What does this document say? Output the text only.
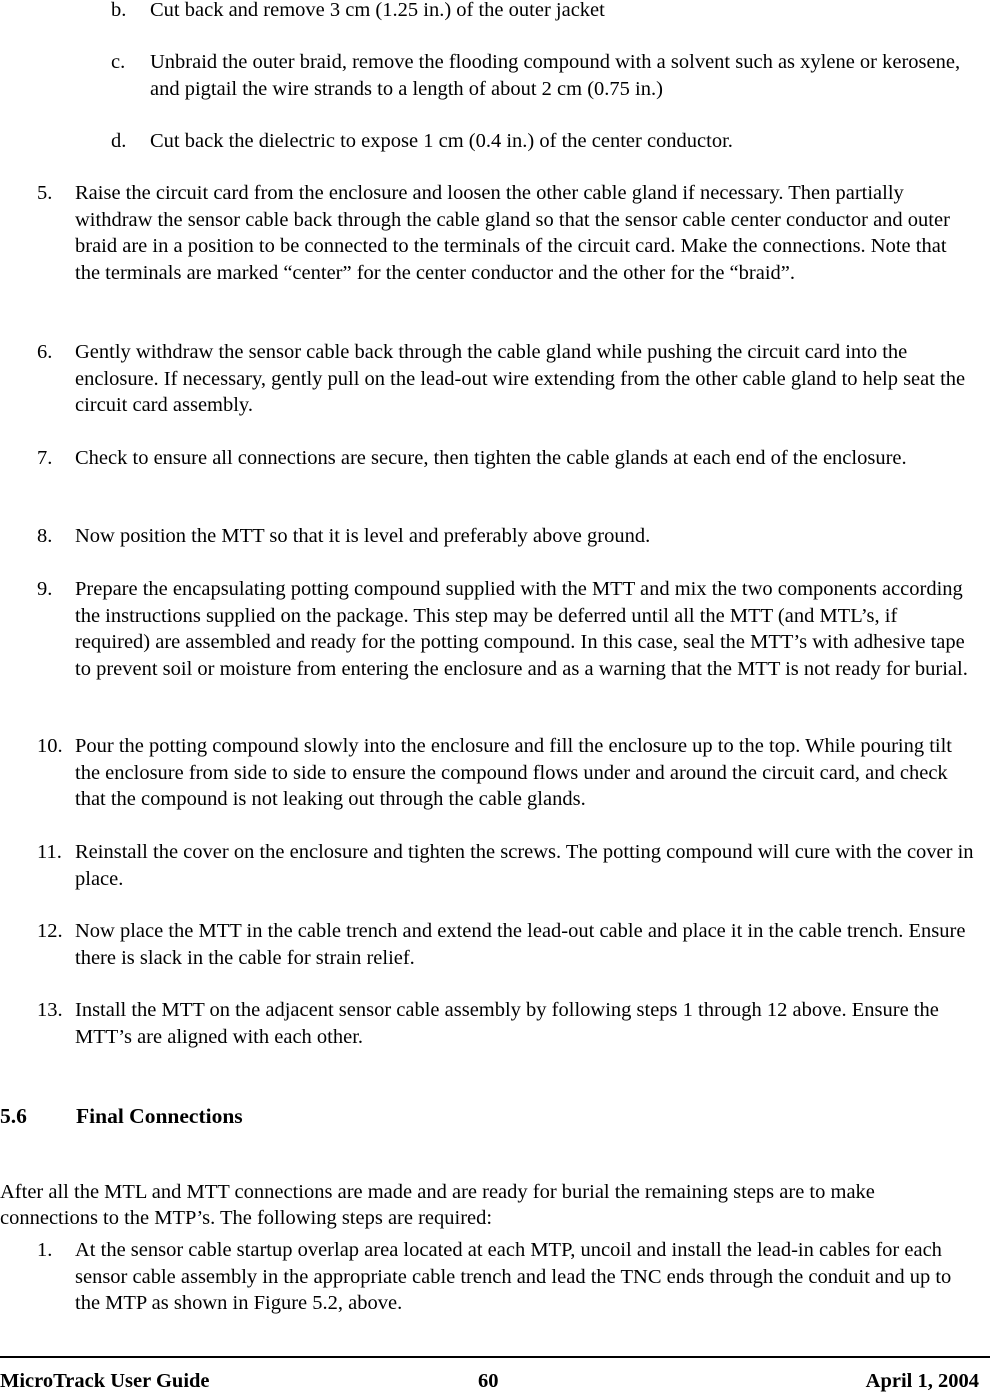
b. Cut back and remove 3 cm (1.25 in.) of the outer jacket
c. Unbraid the outer braid, remove the flooding compound with a solvent such as xylene or kerosene, and pigtail the wire strands to a length of about 2 cm (0.75 in.)
d. Cut back the dielectric to expose 1 cm (0.4 in.) of the center conductor.
5. Raise the circuit card from the enclosure and loosen the other cable gland if necessary. Then partially withdraw the sensor cable back through the cable gland so that the sensor cable center conductor and outer braid are in a position to be connected to the terminals of the circuit card. Make the connections. Note that the terminals are marked “center” for the center conductor and the other for the “braid”.
6. Gently withdraw the sensor cable back through the cable gland while pushing the circuit card into the enclosure. If necessary, gently pull on the lead-out wire extending from the other cable gland to help seat the circuit card assembly.
7. Check to ensure all connections are secure, then tighten the cable glands at each end of the enclosure.
8. Now position the MTT so that it is level and preferably above ground.
9. Prepare the encapsulating potting compound supplied with the MTT and mix the two components according the instructions supplied on the package. This step may be deferred until all the MTT (and MTL’s, if required) are assembled and ready for the potting compound. In this case, seal the MTT’s with adhesive tape to prevent soil or moisture from entering the enclosure and as a warning that the MTT is not ready for burial.
10. Pour the potting compound slowly into the enclosure and fill the enclosure up to the top. While pouring tilt the enclosure from side to side to ensure the compound flows under and around the circuit card, and check that the compound is not leaking out through the cable glands.
11. Reinstall the cover on the enclosure and tighten the screws. The potting compound will cure with the cover in place.
12. Now place the MTT in the cable trench and extend the lead-out cable and place it in the cable trench. Ensure there is slack in the cable for strain relief.
13. Install the MTT on the adjacent sensor cable assembly by following steps 1 through 12 above. Ensure the MTT’s are aligned with each other.
5.6 Final Connections

After all the MTL and MTT connections are made and are ready for burial the remaining steps are to make connections to the MTP’s. The following steps are required:

1. At the sensor cable startup overlap area located at each MTP, uncoil and install the lead-in cables for each sensor cable assembly in the appropriate cable trench and lead the TNC ends through the conduit and up to the MTP as shown in Figure 5.2, above.
MicroTrack User Guide	60	April 1, 2004
